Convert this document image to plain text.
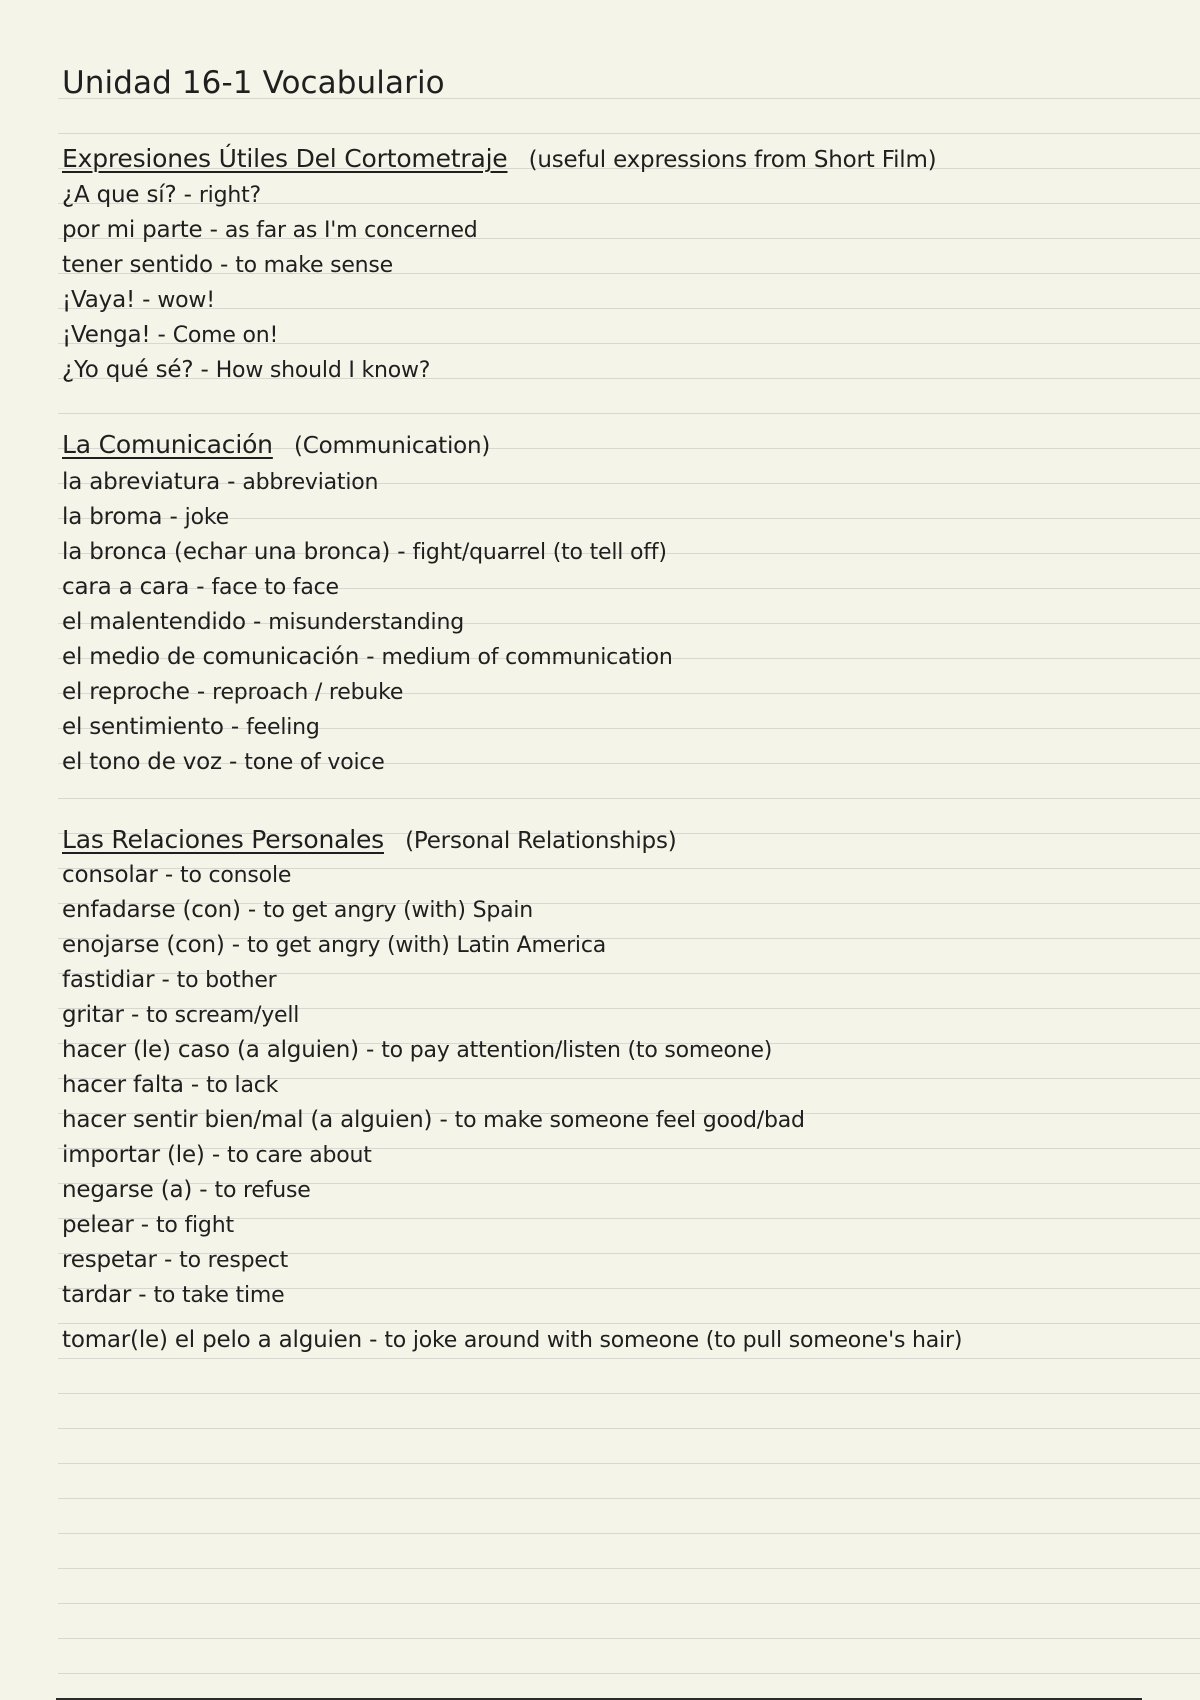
Unidad 16-1 Vocabulario
Expresiones Útiles Del Cortometraje (useful expressions from Short Film)
¿A que sí? - right?
por mi parte - as far as I'm concerned
tener sentido - to make sense
¡Vaya! - wow!
¡Venga! - Come on!
¿Yo qué sé? - How should I know?
La Comunicación (Communication)
la abreviatura - abbreviation
la broma - joke
la bronca (echar una bronca) - fight/quarrel (to tell off)
cara a cara - face to face
el malentendido - misunderstanding
el medio de comunicación - medium of communication
el reproche - reproach / rebuke
el sentimiento - feeling
el tono de voz - tone of voice
Las Relaciones Personales (Personal Relationships)
consolar - to console
enfadarse (con) - to get angry (with) Spain
enojarse (con) - to get angry (with) Latin America
fastidiar - to bother
gritar - to scream/yell
hacer (le) caso (a alguien) - to pay attention/listen (to someone)
hacer falta - to lack
hacer sentir bien/mal (a alguien) - to make someone feel good/bad
importar (le) - to care about
negarse (a) - to refuse
pelear - to fight
respetar - to respect
tardar - to take time
tomar(le) el pelo a alguien - to joke around with someone (to pull someone's hair)
